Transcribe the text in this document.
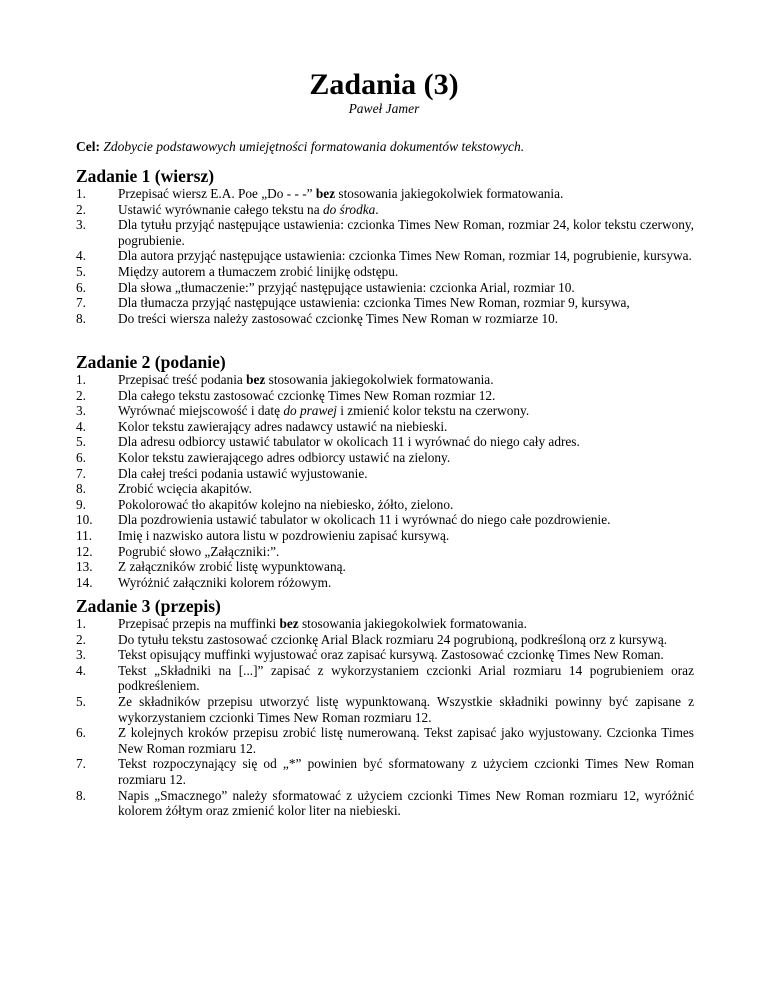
Zadania (3)
Paweł Jamer
Cel: Zdobycie podstawowych umiejętności formatowania dokumentów tekstowych.
Zadanie 1 (wiersz)
1.	Przepisać wiersz E.A. Poe „Do - - -” bez stosowania jakiegokolwiek formatowania.
2.	Ustawić wyrównanie całego tekstu na do środka.
3.	Dla tytułu przyjąć następujące ustawienia: czcionka Times New Roman, rozmiar 24, kolor tekstu czerwony, pogrubienie.
4.	Dla autora przyjąć następujące ustawienia: czcionka Times New Roman, rozmiar 14, pogrubienie, kursywa.
5.	Między autorem a tłumaczem zrobić linijkę odstępu.
6.	Dla słowa „tłumaczenie:” przyjąć następujące ustawienia: czcionka Arial, rozmiar 10.
7.	Dla tłumacza przyjąć następujące ustawienia: czcionka Times New Roman, rozmiar 9, kursywa,
8.	Do treści wiersza należy zastosować czcionkę Times New Roman w rozmiarze 10.
Zadanie 2 (podanie)
1.	Przepisać treść podania bez stosowania jakiegokolwiek formatowania.
2.	Dla całego tekstu zastosować czcionkę Times New Roman rozmiar 12.
3.	Wyrównać miejscowość i datę do prawej i zmienić kolor tekstu na czerwony.
4.	Kolor tekstu zawierający adres nadawcy ustawić na niebieski.
5.	Dla adresu odbiorcy ustawić tabulator w okolicach 11 i wyrównać do niego cały adres.
6.	Kolor tekstu zawierającego adres odbiorcy ustawić na zielony.
7.	Dla całej treści podania ustawić wyjustowanie.
8.	Zrobić wcięcia akapitów.
9.	Pokolorować tło akapitów kolejno na niebiesko, żółto, zielono.
10.	Dla pozdrowienia ustawić tabulator w okolicach 11 i wyrównać do niego całe pozdrowienie.
11.	Imię i nazwisko autora listu w pozdrowieniu zapisać kursywą.
12.	Pogrubić słowo „Załączniki:”.
13.	Z załączników zrobić listę wypunktowaną.
14.	Wyróżnić załączniki kolorem różowym.
Zadanie 3 (przepis)
1.	Przepisać przepis na muffinki bez stosowania jakiegokolwiek formatowania.
2.	Do tytułu tekstu zastosować czcionkę Arial Black rozmiaru 24 pogrubioną, podkreśloną orz z kursywą.
3.	Tekst opisujący muffinki wyjustować oraz zapisać kursywą. Zastosować czcionkę Times New Roman.
4.	Tekst „Składniki na [...]” zapisać z wykorzystaniem czcionki Arial rozmiaru 14 pogrubieniem oraz podkreśleniem.
5.	Ze składników przepisu utworzyć listę wypunktowaną. Wszystkie składniki powinny być zapisane z wykorzystaniem czcionki Times New Roman rozmiaru 12.
6.	Z kolejnych kroków przepisu zrobić listę numerowaną. Tekst zapisać jako wyjustowany. Czcionka Times New Roman rozmiaru 12.
7.	Tekst rozpoczynający się od „*” powinien być sformatowany z użyciem czcionki Times New Roman rozmiaru 12.
8.	Napis „Smacznego” należy sformatować z użyciem czcionki Times New Roman rozmiaru 12, wyróżnić kolorem żółtym oraz zmienić kolor liter na niebieski.
